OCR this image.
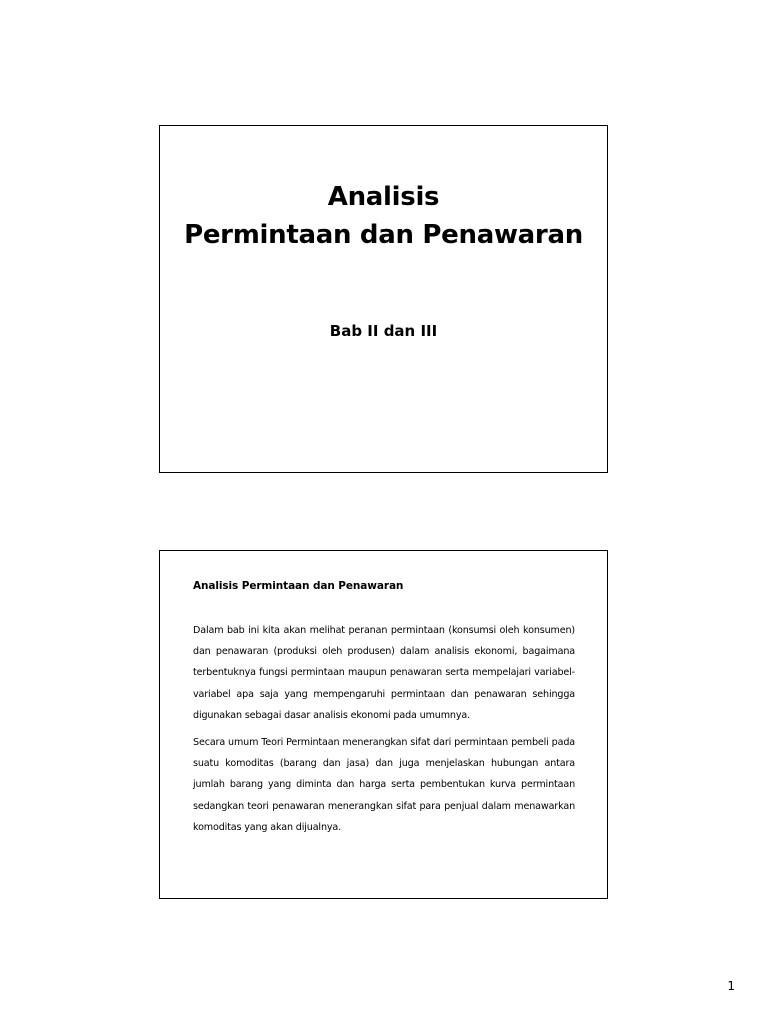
Analisis
Permintaan dan Penawaran
Bab II dan III
Analisis Permintaan dan Penawaran

Dalam bab ini kita akan melihat peranan permintaan (konsumsi oleh konsumen) dan penawaran (produksi oleh produsen) dalam analisis ekonomi, bagaimana terbentuknya fungsi permintaan maupun penawaran serta mempelajari variabel-variabel apa saja yang mempengaruhi permintaan dan penawaran sehingga digunakan sebagai dasar analisis ekonomi pada umumnya.

Secara umum Teori Permintaan menerangkan sifat dari permintaan pembeli pada suatu komoditas (barang dan jasa) dan juga menjelaskan hubungan antara jumlah barang yang diminta dan harga serta pembentukan kurva permintaan sedangkan teori penawaran menerangkan sifat para penjual dalam menawarkan komoditas yang akan dijualnya.

1
